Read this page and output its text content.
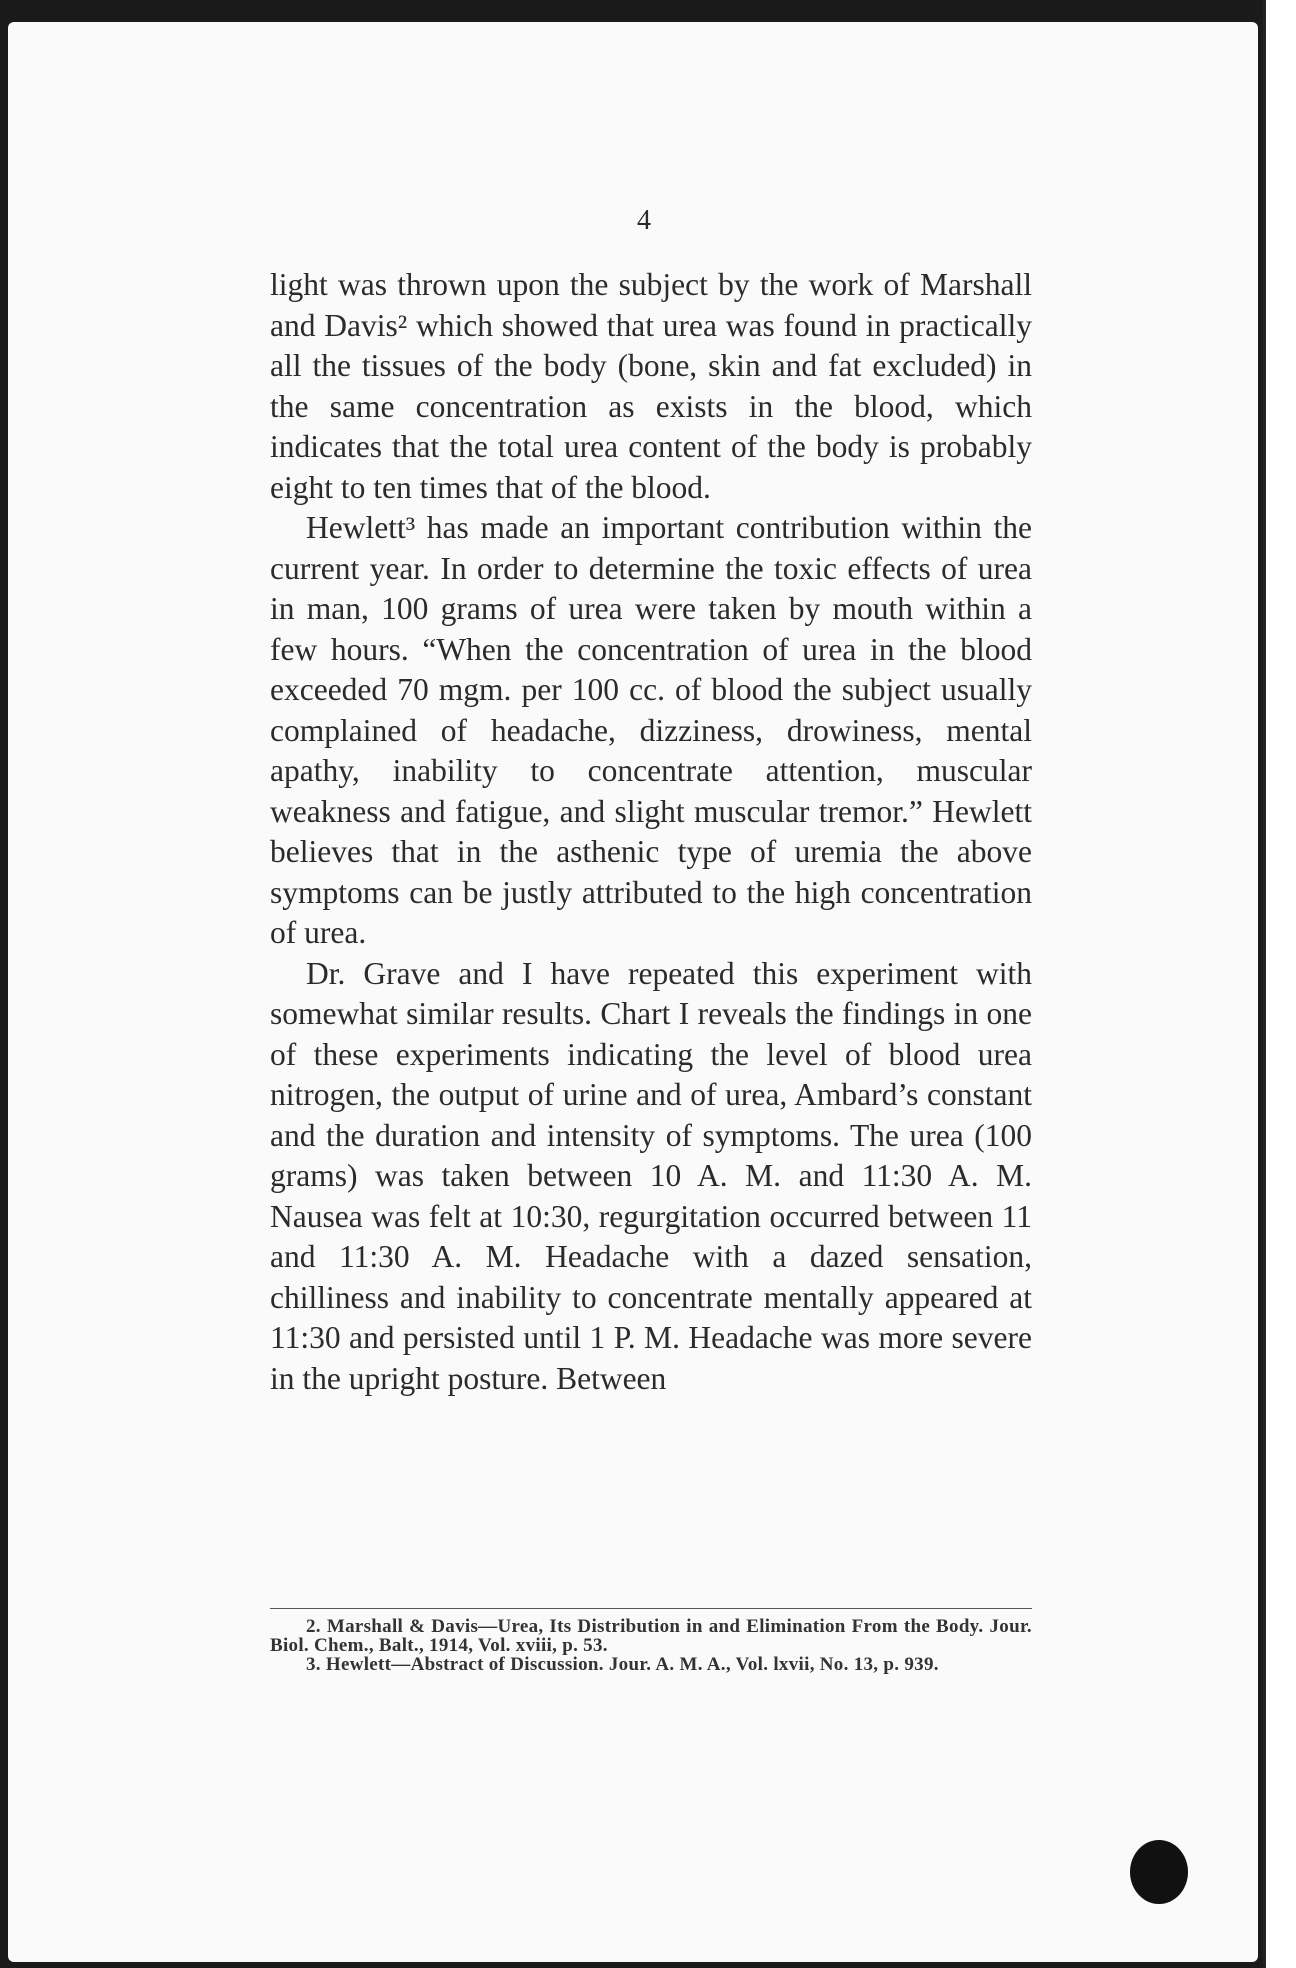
4

light was thrown upon the subject by the work of Marshall and Davis² which showed that urea was found in practically all the tissues of the body (bone, skin and fat excluded) in the same concentration as exists in the blood, which indicates that the total urea content of the body is probably eight to ten times that of the blood.

Hewlett³ has made an important contribution within the current year. In order to determine the toxic effects of urea in man, 100 grams of urea were taken by mouth within a few hours. “When the concentration of urea in the blood exceeded 70 mgm. per 100 cc. of blood the subject usually complained of headache, dizziness, drowiness, mental apathy, inability to concentrate attention, muscular weakness and fatigue, and slight muscular tremor.” Hewlett believes that in the asthenic type of uremia the above symptoms can be justly attributed to the high concentration of urea.

Dr. Grave and I have repeated this experiment with somewhat similar results. Chart I reveals the findings in one of these experiments indicating the level of blood urea nitrogen, the output of urine and of urea, Ambard’s constant and the duration and intensity of symptoms. The urea (100 grams) was taken between 10 A. M. and 11:30 A. M. Nausea was felt at 10:30, regurgitation occurred between 11 and 11:30 A. M. Headache with a dazed sensation, chilliness and inability to concentrate mentally appeared at 11:30 and persisted until 1 P. M. Headache was more severe in the upright posture. Between

2. Marshall & Davis—Urea, Its Distribution in and Elimination From the Body. Jour. Biol. Chem., Balt., 1914, Vol. xviii, p. 53.

3. Hewlett—Abstract of Discussion. Jour. A. M. A., Vol. lxvii, No. 13, p. 939.
